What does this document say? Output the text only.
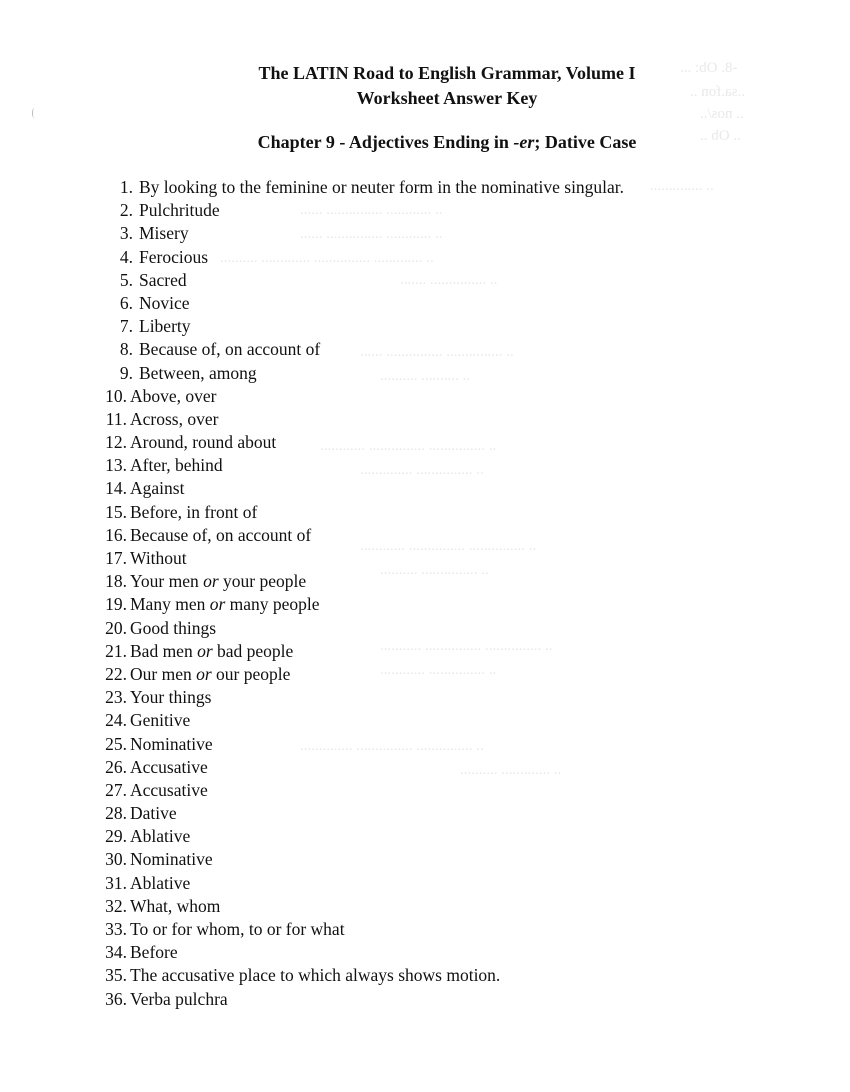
-8. Ob: ...
..sa.fon ..
.. nos/..
.. Ob ..
.. ..............
.. ............ ............... ......
.. ............ ............... ......
.. ............. ............... ............. ..........
.. ............... .......
.. ............... ............... ......
.. .......... ..........
.. ............... ............... ............
.. ............... ..............
.. ............... ............... ............
.. ............... ..........
.. ............... ............... ...........
.. ............... ............
.. ............... ............... ..............
.. ............. ..........
The LATIN Road to English Grammar, Volume I
Worksheet Answer Key
Chapter 9 - Adjectives Ending in -er; Dative Case
1. By looking to the feminine or neuter form in the nominative singular.
2. Pulchritude
3. Misery
4. Ferocious
5. Sacred
6. Novice
7. Liberty
8. Because of, on account of
9. Between, among
10. Above, over
11. Across, over
12. Around, round about
13. After, behind
14. Against
15. Before, in front of
16. Because of, on account of
17. Without
18. Your men or your people
19. Many men or many people
20. Good things
21. Bad men or bad people
22. Our men or our people
23. Your things
24. Genitive
25. Nominative
26. Accusative
27. Accusative
28. Dative
29. Ablative
30. Nominative
31. Ablative
32. What, whom
33. To or for whom, to or for what
34. Before
35. The accusative place to which always shows motion.
36. Verba pulchra
